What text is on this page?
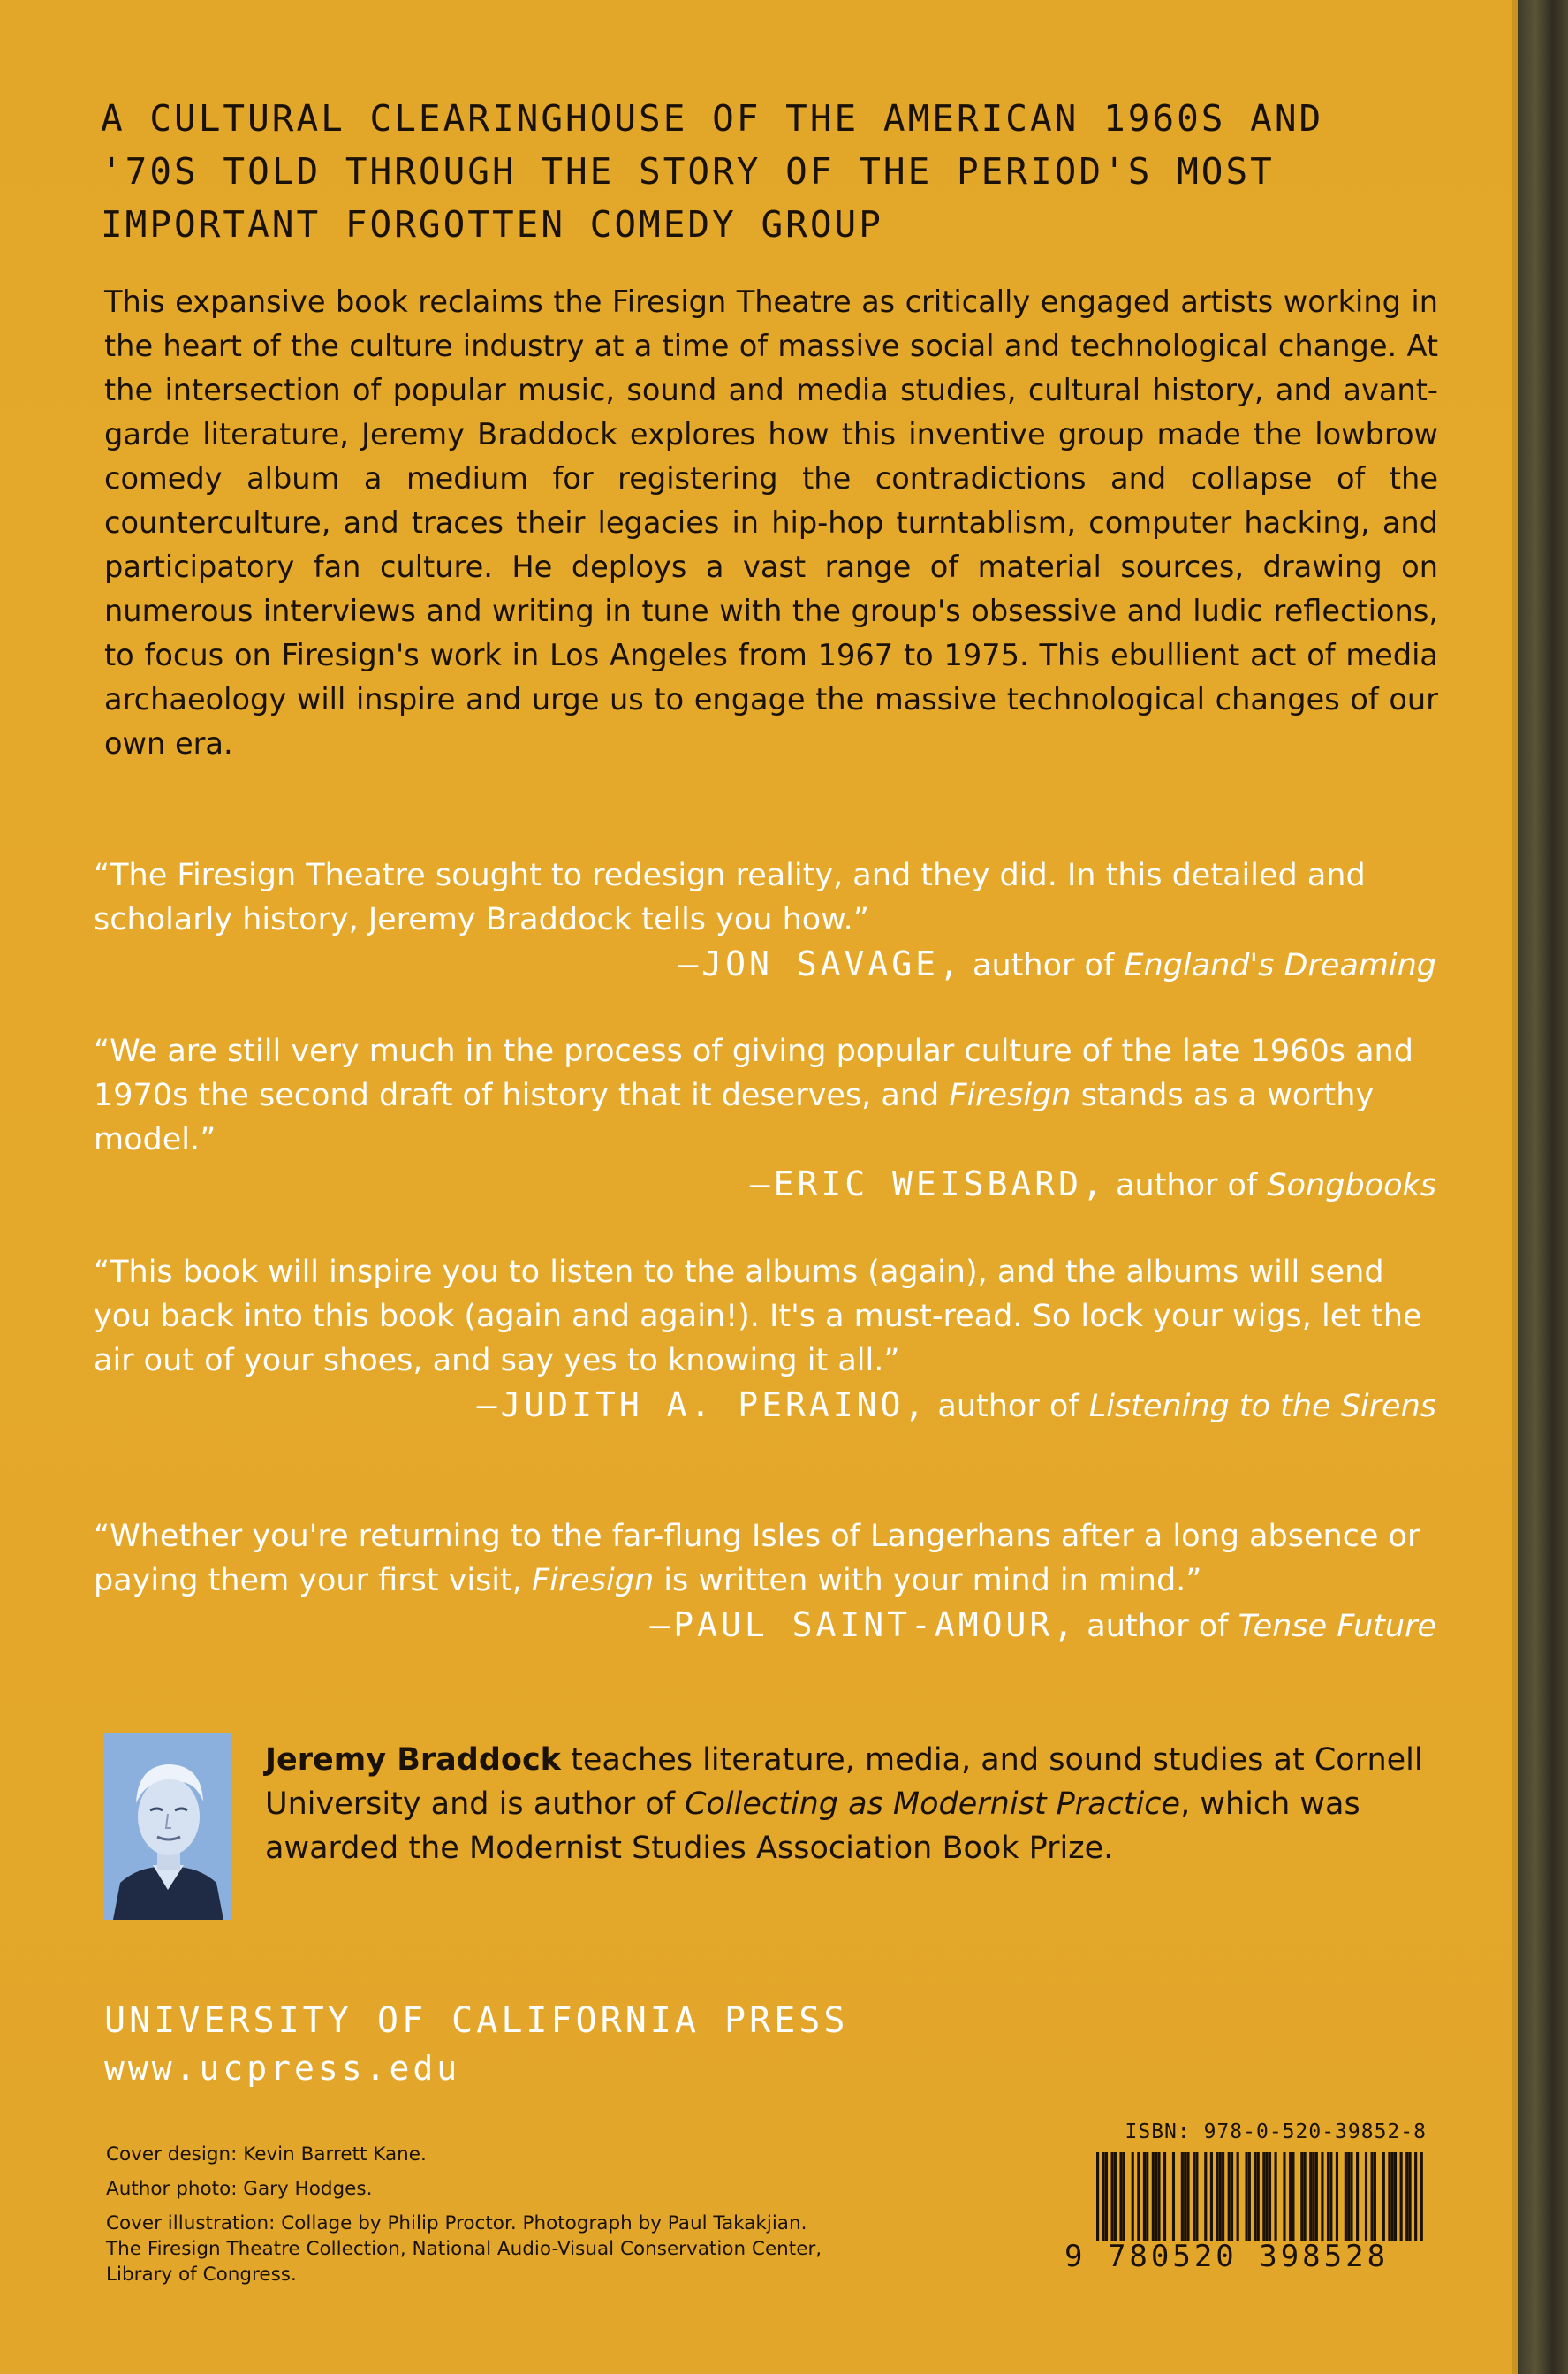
A CULTURAL CLEARINGHOUSE OF THE AMERICAN 1960S AND '70S TOLD THROUGH THE STORY OF THE PERIOD'S MOST IMPORTANT FORGOTTEN COMEDY GROUP

This expansive book reclaims the Firesign Theatre as critically engaged artists working in the heart of the culture industry at a time of massive social and technological change. At the intersection of popular music, sound and media studies, cultural history, and avant-garde literature, Jeremy Braddock explores how this inventive group made the lowbrow comedy album a medium for registering the contradictions and collapse of the counterculture, and traces their legacies in hip-hop turntablism, computer hacking, and participatory fan culture. He deploys a vast range of material sources, drawing on numerous interviews and writing in tune with the group's obsessive and ludic reflections, to focus on Firesign's work in Los Angeles from 1967 to 1975. This ebullient act of media archaeology will inspire and urge us to engage the massive technological changes of our own era.

“The Firesign Theatre sought to redesign reality, and they did. In this detailed and scholarly history, Jeremy Braddock tells you how.”

—JON SAVAGE, author of England's Dreaming

“We are still very much in the process of giving popular culture of the late 1960s and 1970s the second draft of history that it deserves, and Firesign stands as a worthy model.”

—ERIC WEISBARD, author of Songbooks

“This book will inspire you to listen to the albums (again), and the albums will send you back into this book (again and again!). It's a must-read. So lock your wigs, let the air out of your shoes, and say yes to knowing it all.”

—JUDITH A. PERAINO, author of Listening to the Sirens

“Whether you're returning to the far-flung Isles of Langerhans after a long absence or paying them your first visit, Firesign is written with your mind in mind.”

—PAUL SAINT-AMOUR, author of Tense Future

Jeremy Braddock teaches literature, media, and sound studies at Cornell University and is author of Collecting as Modernist Practice, which was awarded the Modernist Studies Association Book Prize.

UNIVERSITY OF CALIFORNIA PRESS

www.ucpress.edu

Cover design: Kevin Barrett Kane.

Author photo: Gary Hodges.

Cover illustration: Collage by Philip Proctor. Photograph by Paul Takakjian. The Firesign Theatre Collection, National Audio-Visual Conservation Center, Library of Congress.

ISBN: 978-0-520-39852-8

9 780520 398528
